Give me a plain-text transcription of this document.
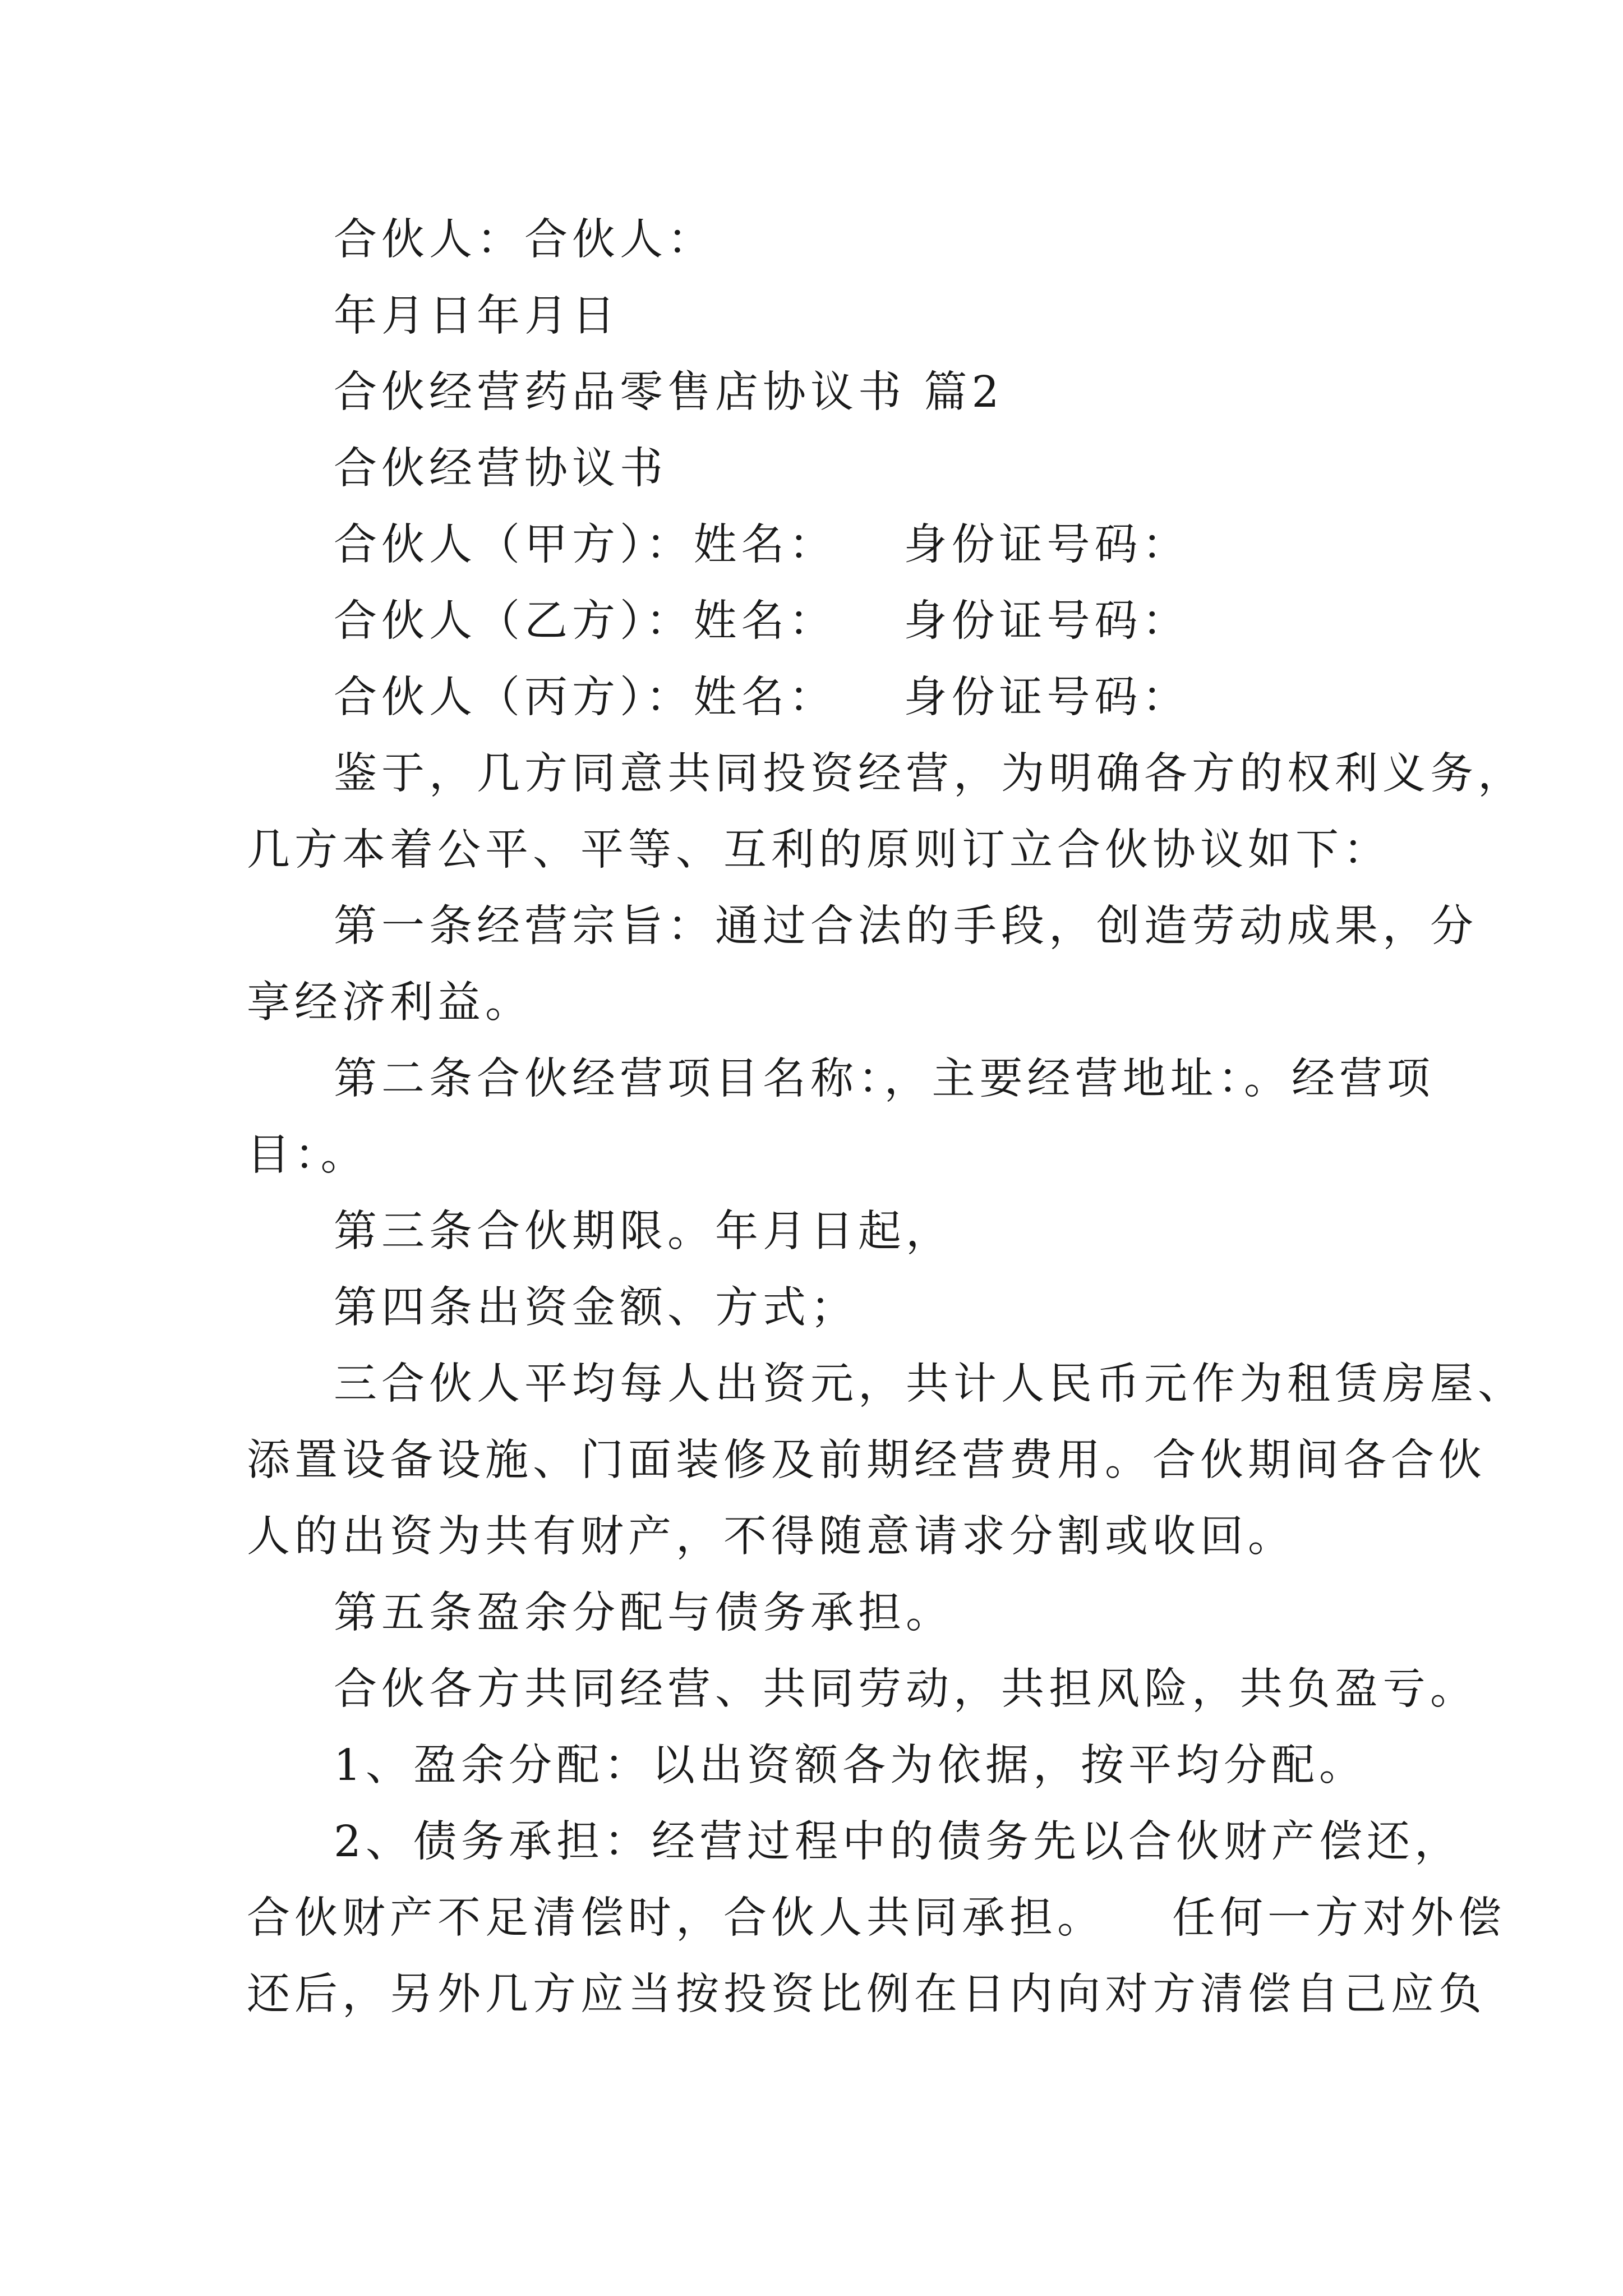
合伙人：合伙人：
年月日年月日
合伙经营药品零售店协议书 篇2
合伙经营协议书
合伙人（甲方）：姓名： 身份证号码：
合伙人（乙方）：姓名： 身份证号码：
合伙人（丙方）：姓名： 身份证号码：
鉴于，几方同意共同投资经营，为明确各方的权利义务，
几方本着公平、平等、互利的原则订立合伙协议如下：
第一条经营宗旨：通过合法的手段，创造劳动成果，分
享经济利益。
第二条合伙经营项目名称：，主要经营地址：。经营项
目：。
第三条合伙期限。年月日起，
第四条出资金额、方式；
三合伙人平均每人出资元，共计人民币元作为租赁房屋、
添置设备设施、门面装修及前期经营费用。合伙期间各合伙
人的出资为共有财产，不得随意请求分割或收回。
第五条盈余分配与债务承担。
合伙各方共同经营、共同劳动，共担风险，共负盈亏。
1、盈余分配：以出资额各为依据，按平均分配。
2、债务承担：经营过程中的债务先以合伙财产偿还，
合伙财产不足清偿时，合伙人共同承担。 任何一方对外偿
还后，另外几方应当按投资比例在日内向对方清偿自己应负
